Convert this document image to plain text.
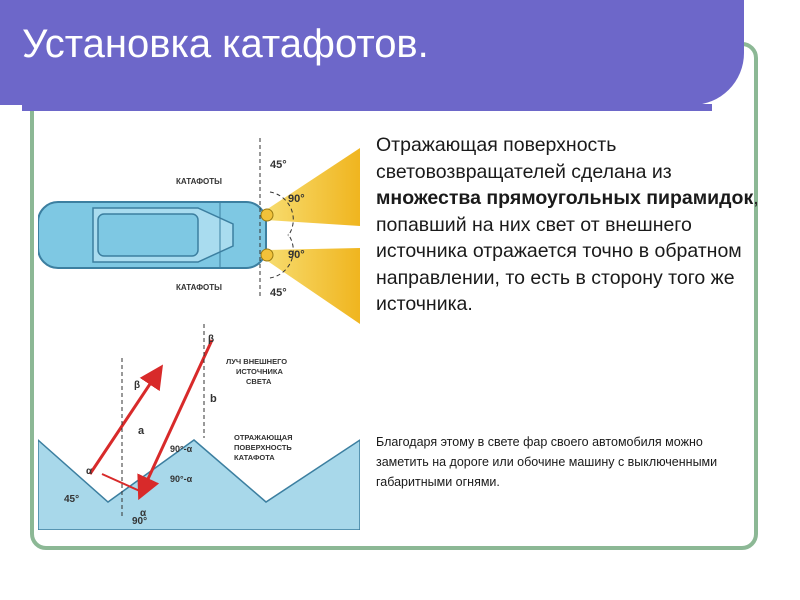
Установка катафотов.
КАТАФОТЫ
КАТАФОТЫ
45°
90°
90°
45°
β
β
ЛУЧ ВНЕШНЕГО
ИСТОЧНИКА
СВЕТА
a
b
ОТРАЖАЮЩАЯ
ПОВЕРХНОСТЬ
КАТАФОТА
α
α
90°-α
90°-α
45°
90°
Отражающая поверхность световозвращателей сделана из множества прямоугольных пирамидок, попавший на них свет от внешнего источника отражается точно в обратном направлении, то есть в сторону того же источника.
Благодаря этому в свете фар своего автомобиля можно заметить на дороге или обочине машину с выключенными габаритными огнями.
